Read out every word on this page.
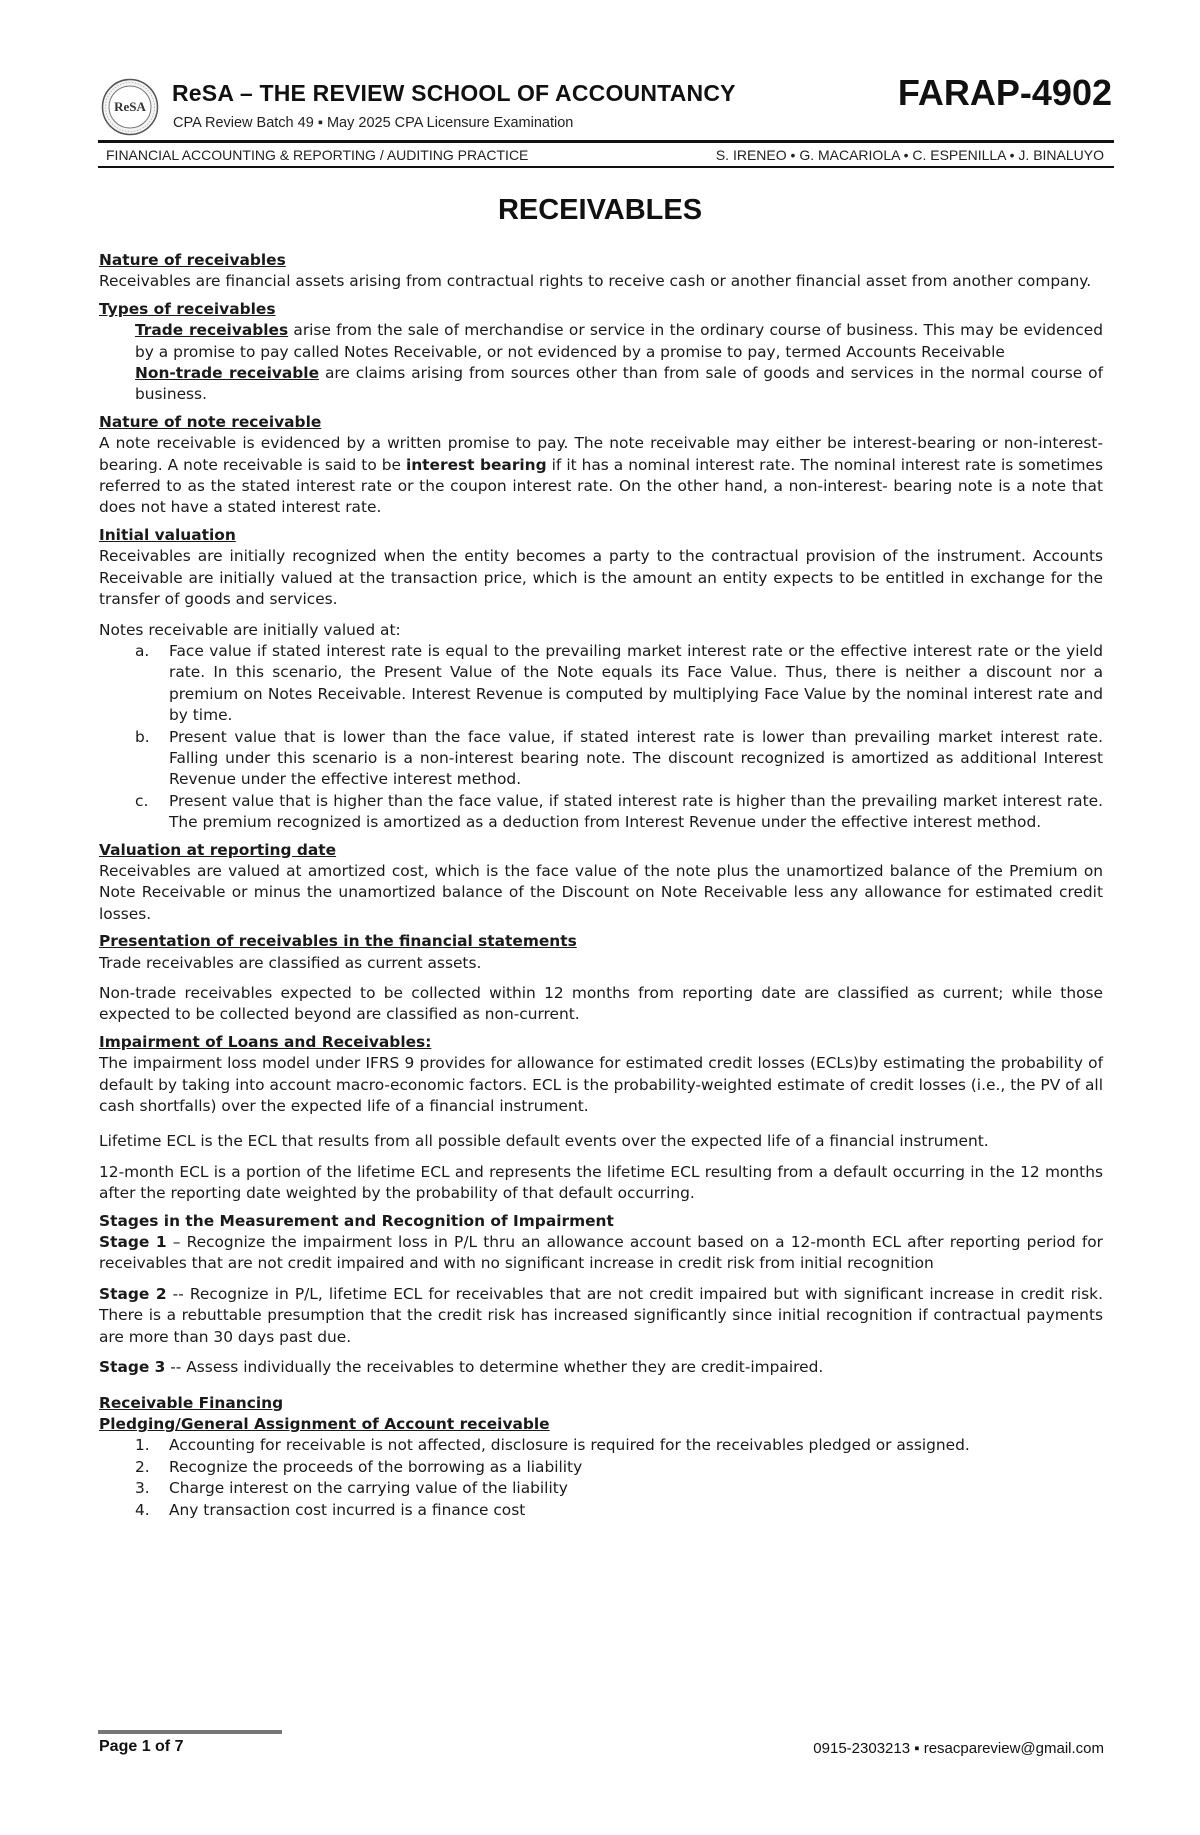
ReSA
ReSA – THE REVIEW SCHOOL OF ACCOUNTANCY
CPA Review Batch 49 ▪ May 2025 CPA Licensure Examination
FARAP-4902
FINANCIAL ACCOUNTING & REPORTING / AUDITING PRACTICE	S. IRENEO • G. MACARIOLA • C. ESPENILLA • J. BINALUYO
RECEIVABLES
Nature of receivables
Receivables are financial assets arising from contractual rights to receive cash or another financial asset from another company.
Types of receivables
Trade receivables arise from the sale of merchandise or service in the ordinary course of business. This may be evidenced by a promise to pay called Notes Receivable, or not evidenced by a promise to pay, termed Accounts Receivable
Non-trade receivable are claims arising from sources other than from sale of goods and services in the normal course of business.
Nature of note receivable
A note receivable is evidenced by a written promise to pay. The note receivable may either be interest-bearing or non-interest-bearing. A note receivable is said to be interest bearing if it has a nominal interest rate. The nominal interest rate is sometimes referred to as the stated interest rate or the coupon interest rate. On the other hand, a non-interest- bearing note is a note that does not have a stated interest rate.
Initial valuation
Receivables are initially recognized when the entity becomes a party to the contractual provision of the instrument. Accounts Receivable are initially valued at the transaction price, which is the amount an entity expects to be entitled in exchange for the transfer of goods and services.
Notes receivable are initially valued at:
a. Face value if stated interest rate is equal to the prevailing market interest rate or the effective interest rate or the yield rate. In this scenario, the Present Value of the Note equals its Face Value. Thus, there is neither a discount nor a premium on Notes Receivable. Interest Revenue is computed by multiplying Face Value by the nominal interest rate and by time.
b. Present value that is lower than the face value, if stated interest rate is lower than prevailing market interest rate. Falling under this scenario is a non-interest bearing note. The discount recognized is amortized as additional Interest Revenue under the effective interest method.
c. Present value that is higher than the face value, if stated interest rate is higher than the prevailing market interest rate. The premium recognized is amortized as a deduction from Interest Revenue under the effective interest method.
Valuation at reporting date
Receivables are valued at amortized cost, which is the face value of the note plus the unamortized balance of the Premium on Note Receivable or minus the unamortized balance of the Discount on Note Receivable less any allowance for estimated credit losses.
Presentation of receivables in the financial statements
Trade receivables are classified as current assets.
Non-trade receivables expected to be collected within 12 months from reporting date are classified as current; while those expected to be collected beyond are classified as non-current.
Impairment of Loans and Receivables:
The impairment loss model under IFRS 9 provides for allowance for estimated credit losses (ECLs)by estimating the probability of default by taking into account macro-economic factors. ECL is the probability-weighted estimate of credit losses (i.e., the PV of all cash shortfalls) over the expected life of a financial instrument.
Lifetime ECL is the ECL that results from all possible default events over the expected life of a financial instrument.
12-month ECL is a portion of the lifetime ECL and represents the lifetime ECL resulting from a default occurring in the 12 months after the reporting date weighted by the probability of that default occurring.
Stages in the Measurement and Recognition of Impairment
Stage 1 – Recognize the impairment loss in P/L thru an allowance account based on a 12-month ECL after reporting period for receivables that are not credit impaired and with no significant increase in credit risk from initial recognition
Stage 2 -- Recognize in P/L, lifetime ECL for receivables that are not credit impaired but with significant increase in credit risk. There is a rebuttable presumption that the credit risk has increased significantly since initial recognition if contractual payments are more than 30 days past due.
Stage 3 -- Assess individually the receivables to determine whether they are credit-impaired.
Receivable Financing
Pledging/General Assignment of Account receivable
1. Accounting for receivable is not affected, disclosure is required for the receivables pledged or assigned.
2. Recognize the proceeds of the borrowing as a liability
3. Charge interest on the carrying value of the liability
4. Any transaction cost incurred is a finance cost
Page 1 of 7	0915-2303213 ▪ resacpareview@gmail.com
